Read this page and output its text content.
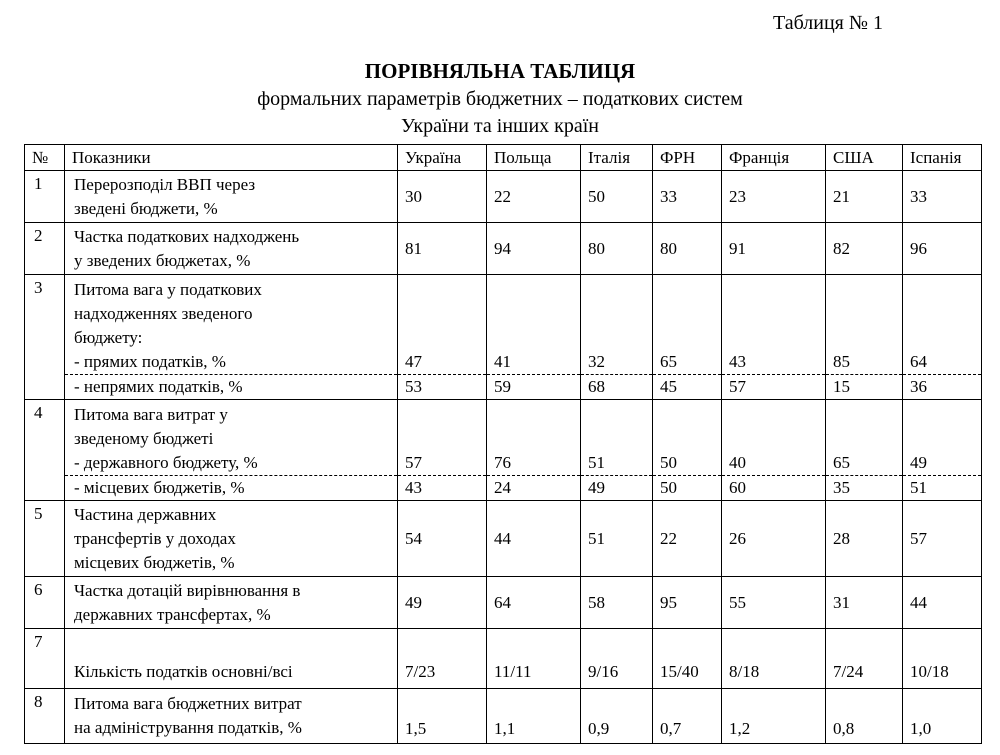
Таблиця № 1
ПОРІВНЯЛЬНА ТАБЛИЦЯ
формальних параметрів бюджетних – податкових систем
України та інших країн
№	Показники	Україна	Польща	Італія	ФРН	Франція	США	Іспанія
1	Перерозподіл ВВП через
зведені бюджети, %	30	22	50	33	23	21	33
2	Частка податкових надходжень
у зведених бюджетах, %	81	94	80	80	91	82	96
3	Питома вага у податкових
надходженнях зведеного
бюджету:
- прямих податків, %	47	41	32	65	43	85	64

	- непрямих податків, %	53	59	68	45	57	15	36
4	Питома вага витрат у
зведеному бюджеті
- державного бюджету, %	57	76	51	50	40	65	49

	- місцевих бюджетів, %	43	24	49	50	60	35	51
5	Частина державних
трансфертів у доходах
місцевих бюджетів, %	54	44	51	22	26	28	57
6	Частка дотацій вирівнювання в
державних трансфертах, %	49	64	58	95	55	31	44
7	Кількість податків основні/всі	7/23	11/11	9/16	15/40	8/18	7/24	10/18
8	Питома вага бюджетних витрат
на адміністрування податків, %	1,5	1,1	0,9	0,7	1,2	0,8	1,0
